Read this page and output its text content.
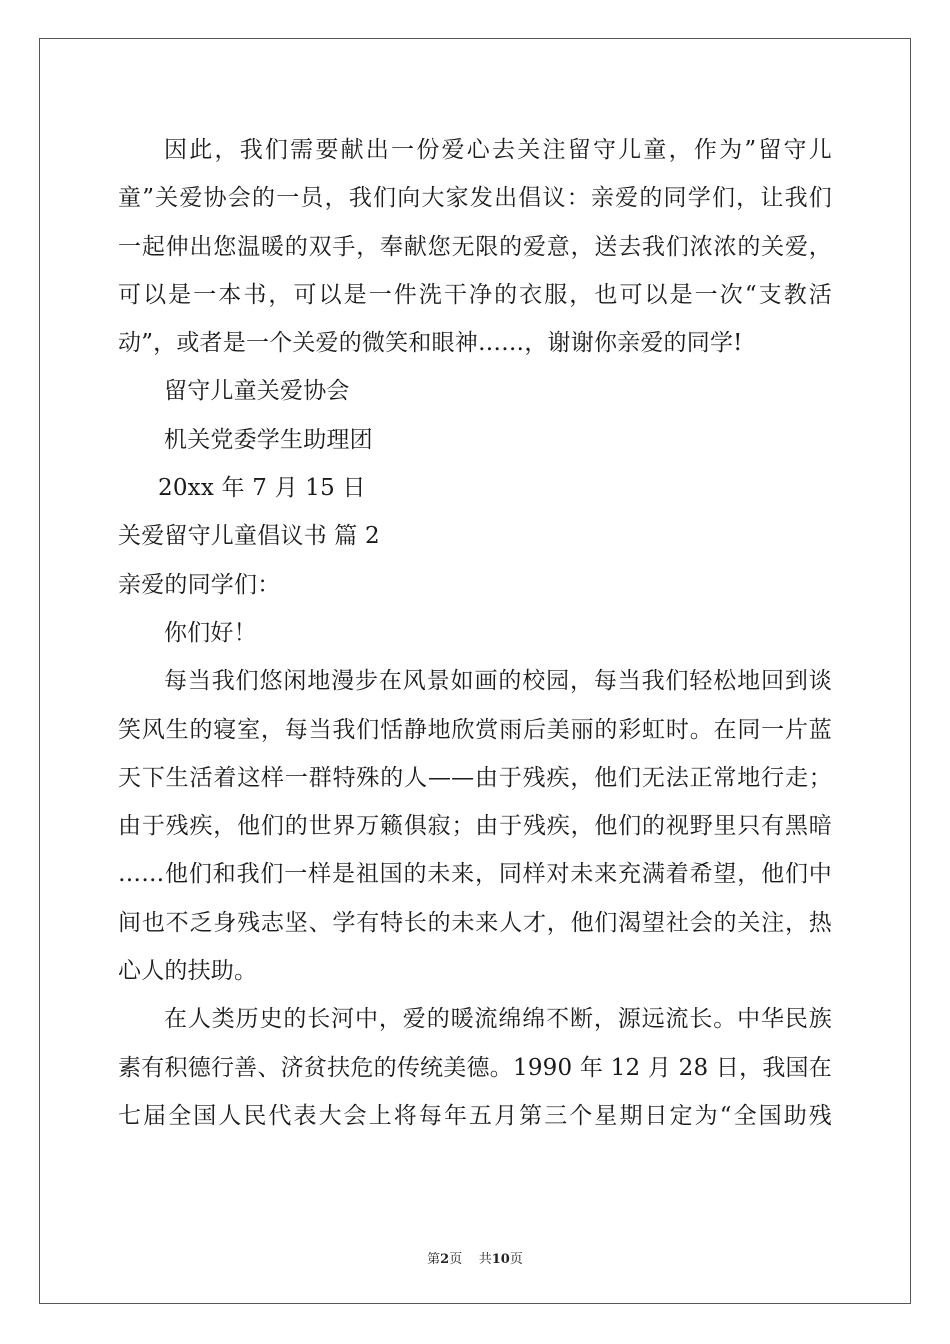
因此，我们需要献出一份爱心去关注留守儿童，作为”留守儿
童”关爱协会的一员，我们向大家发出倡议：亲爱的同学们，让我们
一起伸出您温暖的双手，奉献您无限的爱意，送去我们浓浓的关爱，
可以是一本书，可以是一件洗干净的衣服，也可以是一次“支教活
动”，或者是一个关爱的微笑和眼神……，谢谢你亲爱的同学!
留守儿童关爱协会
机关党委学生助理团
20xx 年 7 月 15 日
关爱留守儿童倡议书 篇 2
亲爱的同学们：
你们好！
每当我们悠闲地漫步在风景如画的校园，每当我们轻松地回到谈
笑风生的寝室，每当我们恬静地欣赏雨后美丽的彩虹时。在同一片蓝
天下生活着这样一群特殊的人——由于残疾，他们无法正常地行走；
由于残疾，他们的世界万籁俱寂；由于残疾，他们的视野里只有黑暗
……他们和我们一样是祖国的未来，同样对未来充满着希望，他们中
间也不乏身残志坚、学有特长的未来人才，他们渴望社会的关注，热
心人的扶助。
在人类历史的长河中，爱的暖流绵绵不断，源远流长。中华民族
素有积德行善、济贫扶危的传统美德。1990 年 12 月 28 日，我国在
七届全国人民代表大会上将每年五月第三个星期日定为“全国助残
第2页 共10页
